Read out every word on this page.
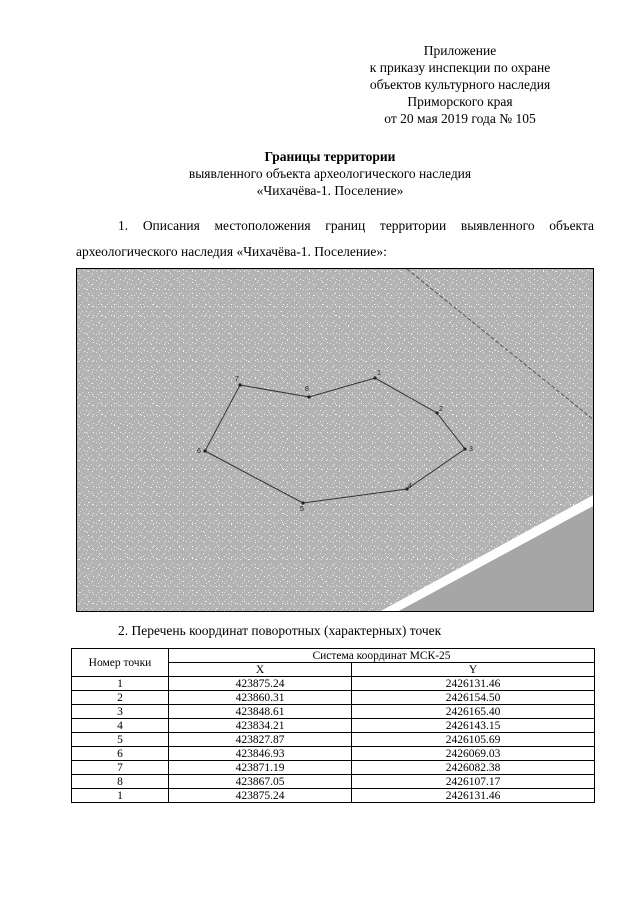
Приложение
к приказу инспекции по охране
объектов культурного наследия
Приморского края
от 20 мая 2019 года № 105
Границы территории
выявленного объекта археологического наследия
«Чихачёва-1. Поселение»
1. Описания местоположения границ территории выявленного объекта археологического наследия «Чихачёва-1. Поселение»:
1
2
3
4
5
6
7
8
2. Перечень координат поворотных (характерных) точек
Номер точки	Система координат МСК-25	
	X	Y
1	423875.24	2426131.46
2	423860.31	2426154.50
3	423848.61	2426165.40
4	423834.21	2426143.15
5	423827.87	2426105.69
6	423846.93	2426069.03
7	423871.19	2426082.38
8	423867.05	2426107.17
1	423875.24	2426131.46
